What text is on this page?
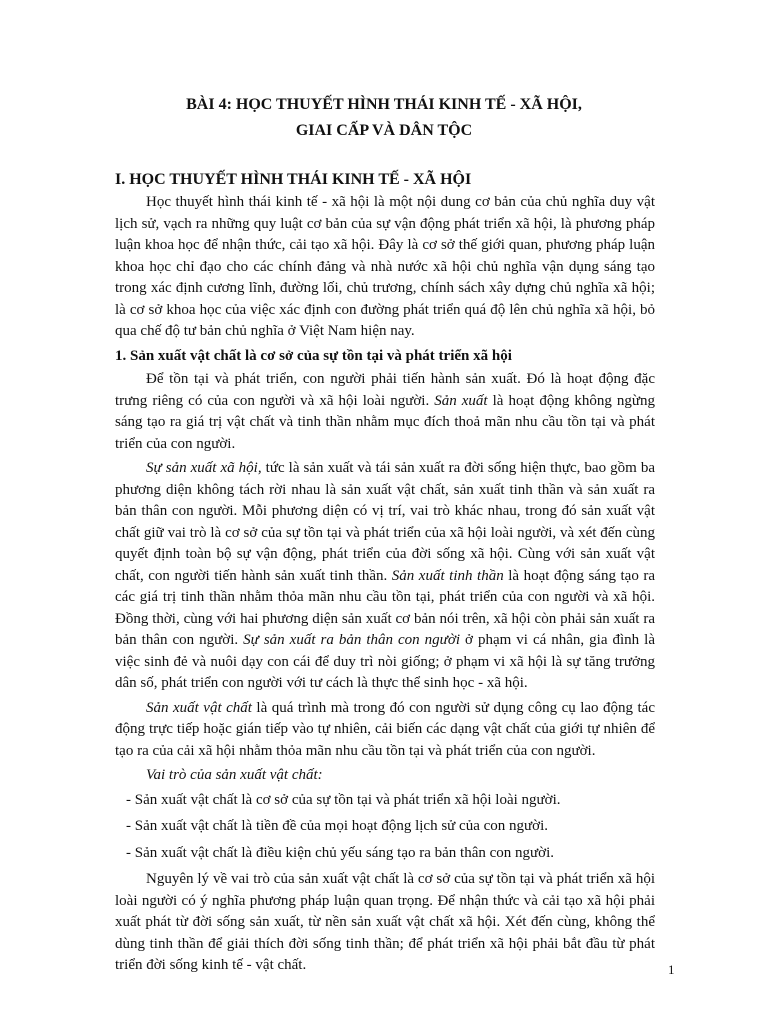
BÀI 4: HỌC THUYẾT HÌNH THÁI KINH TẾ - XÃ HỘI,
GIAI CẤP VÀ DÂN TỘC
I. HỌC THUYẾT HÌNH THÁI KINH TẾ - XÃ HỘI

Học thuyết hình thái kinh tế - xã hội là một nội dung cơ bản của chủ nghĩa duy vật lịch sử, vạch ra những quy luật cơ bản của sự vận động phát triển xã hội, là phương pháp luận khoa học để nhận thức, cải tạo xã hội. Đây là cơ sở thế giới quan, phương pháp luận khoa học chỉ đạo cho các chính đảng và nhà nước xã hội chủ nghĩa vận dụng sáng tạo trong xác định cương lĩnh, đường lối, chủ trương, chính sách xây dựng chủ nghĩa xã hội; là cơ sở khoa học của việc xác định con đường phát triển quá độ lên chủ nghĩa xã hội, bỏ qua chế độ tư bản chủ nghĩa ở Việt Nam hiện nay.

1. Sản xuất vật chất là cơ sở của sự tồn tại và phát triển xã hội

Để tồn tại và phát triển, con người phải tiến hành sản xuất. Đó là hoạt động đặc trưng riêng có của con người và xã hội loài người. Sản xuất là hoạt động không ngừng sáng tạo ra giá trị vật chất và tinh thần nhằm mục đích thoả mãn nhu cầu tồn tại và phát triển của con người.

Sự sản xuất xã hội, tức là sản xuất và tái sản xuất ra đời sống hiện thực, bao gồm ba phương diện không tách rời nhau là sản xuất vật chất, sản xuất tinh thần và sản xuất ra bản thân con người. Mỗi phương diện có vị trí, vai trò khác nhau, trong đó sản xuất vật chất giữ vai trò là cơ sở của sự tồn tại và phát triển của xã hội loài người, và xét đến cùng quyết định toàn bộ sự vận động, phát triển của đời sống xã hội. Cùng với sản xuất vật chất, con người tiến hành sản xuất tinh thần. Sản xuất tinh thần là hoạt động sáng tạo ra các giá trị tinh thần nhằm thỏa mãn nhu cầu tồn tại, phát triển của con người và xã hội. Đồng thời, cùng với hai phương diện sản xuất cơ bản nói trên, xã hội còn phải sản xuất ra bản thân con người. Sự sản xuất ra bản thân con người ở phạm vi cá nhân, gia đình là việc sinh đẻ và nuôi dạy con cái để duy trì nòi giống; ở phạm vi xã hội là sự tăng trưởng dân số, phát triển con người với tư cách là thực thể sinh học - xã hội.

Sản xuất vật chất là quá trình mà trong đó con người sử dụng công cụ lao động tác động trực tiếp hoặc gián tiếp vào tự nhiên, cải biến các dạng vật chất của giới tự nhiên để tạo ra của cải xã hội nhằm thỏa mãn nhu cầu tồn tại và phát triển của con người.

Vai trò của sản xuất vật chất:

- Sản xuất vật chất là cơ sở của sự tồn tại và phát triển xã hội loài người.

- Sản xuất vật chất là tiền đề của mọi hoạt động lịch sử của con người.

- Sản xuất vật chất là điều kiện chủ yếu sáng tạo ra bản thân con người.

Nguyên lý về vai trò của sản xuất vật chất là cơ sở của sự tồn tại và phát triển xã hội loài người có ý nghĩa phương pháp luận quan trọng. Để nhận thức và cải tạo xã hội phải xuất phát từ đời sống sản xuất, từ nền sản xuất vật chất xã hội. Xét đến cùng, không thể dùng tinh thần để giải thích đời sống tinh thần; để phát triển xã hội phải bắt đầu từ phát triển đời sống kinh tế - vật chất.	1
